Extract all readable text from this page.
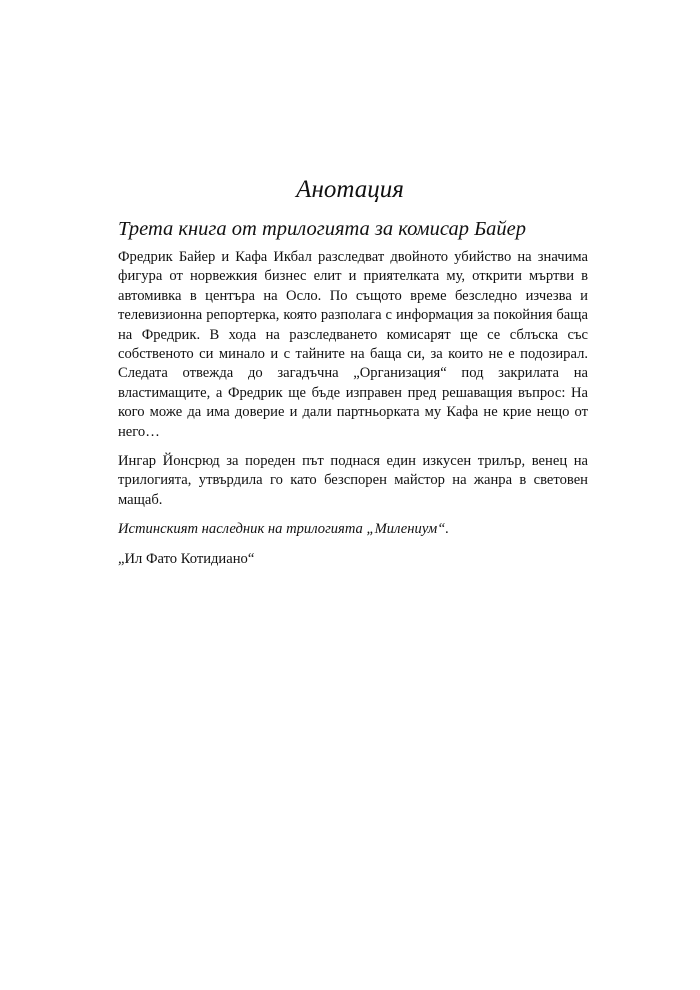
Анотация
Трета книга от трилогията за комисар Байер

Фредрик Байер и Кафа Икбал разследват двойното убийство на значима фигура от норвежкия бизнес елит и приятелката му, открити мъртви в автомивка в центъра на Осло. По същото време безследно изчезва и телевизионна репортерка, която разполага с информация за покойния баща на Фредрик. В хода на разследването комисарят ще се сблъска със собственото си минало и с тайните на баща си, за които не е подозирал. Следата отвежда до загадъчна „Организация“ под закрилата на властимащите, а Фредрик ще бъде изправен пред решаващия въпрос: На кого може да има доверие и дали партньорката му Кафа не крие нещо от него…

Ингар Йонсрюд за пореден път поднася един изкусен трилър, венец на трилогията, утвърдила го като безспорен майстор на жанра в световен мащаб.

Истинският наследник на трилогията „Милениум“.

„Ил Фато Котидиано“
